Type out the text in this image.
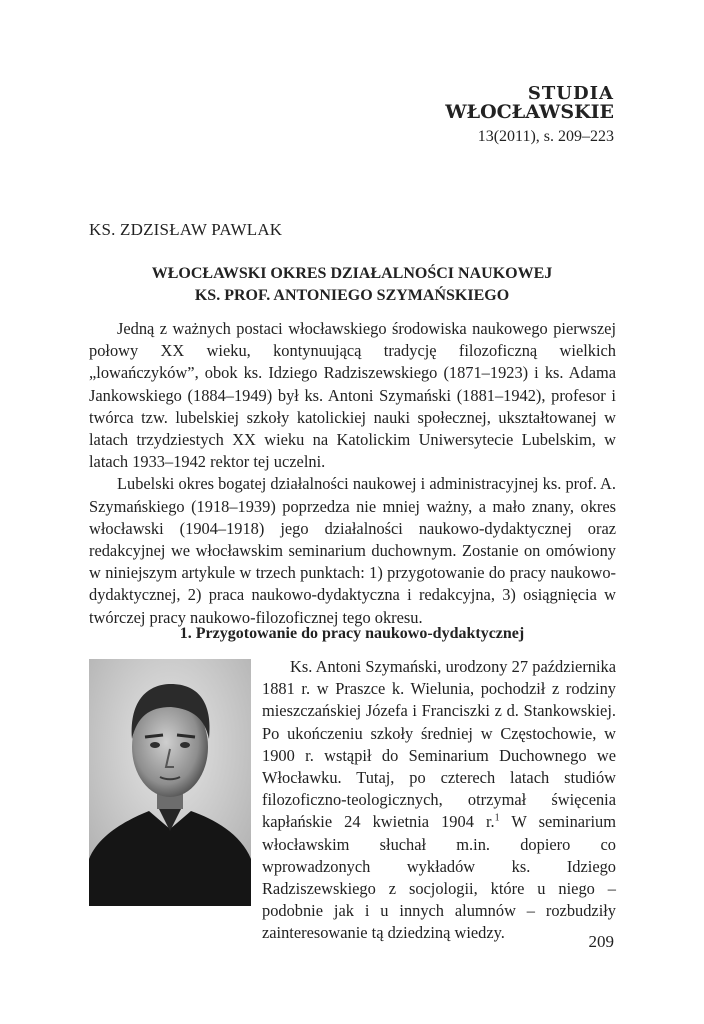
STUDIA
WŁOCŁAWSKIE
13(2011), s. 209–223
KS. ZDZISŁAW PAWLAK
WŁOCŁAWSKI OKRES DZIAŁALNOŚCI NAUKOWEJ
KS. PROF. ANTONIEGO SZYMAŃSKIEGO

Jedną z ważnych postaci włocławskiego środowiska naukowego pierwszej połowy XX wieku, kontynuującą tradycję filozoficzną wielkich „lowańczyków”, obok ks. Idziego Radziszewskiego (1871–1923) i ks. Adama Jankowskiego (1884–1949) był ks. Antoni Szymański (1881–1942), profesor i twórca tzw. lubelskiej szkoły katolickiej nauki społecznej, ukształtowanej w latach trzydziestych XX wieku na Katolickim Uniwersytecie Lubelskim, w latach 1933–1942 rektor tej uczelni.

Lubelski okres bogatej działalności naukowej i administracyjnej ks. prof. A. Szymańskiego (1918–1939) poprzedza nie mniej ważny, a mało znany, okres włocławski (1904–1918) jego działalności naukowo-dydaktycznej oraz redakcyjnej we włocławskim seminarium duchownym. Zostanie on omówiony w niniejszym artykule w trzech punktach: 1) przygotowanie do pracy naukowo-dydaktycznej, 2) praca naukowo-dydaktyczna i redakcyjna, 3) osiągnięcia w twórczej pracy naukowo-filozoficznej tego okresu.

1. Przygotowanie do pracy naukowo-dydaktycznej

Ks. Antoni Szymański, urodzony 27 października 1881 r. w Praszce k. Wielunia, pochodził z rodziny mieszczańskiej Józefa i Franciszki z d. Stankowskiej. Po ukończeniu szkoły średniej w Częstochowie, w 1900 r. wstąpił do Seminarium Duchownego we Włocławku. Tutaj, po czterech latach studiów filozoficzno-teologicznych, otrzymał święcenia kapłańskie 24 kwietnia 1904 r.$^1$ W seminarium włocławskim słuchał m.in. dopiero co wprowadzonych wykładów ks. Idziego Radziszewskiego z socjologii, które u niego – podobnie jak i u innych alumnów – rozbudziły zainteresowanie tą dziedziną wiedzy.	209
